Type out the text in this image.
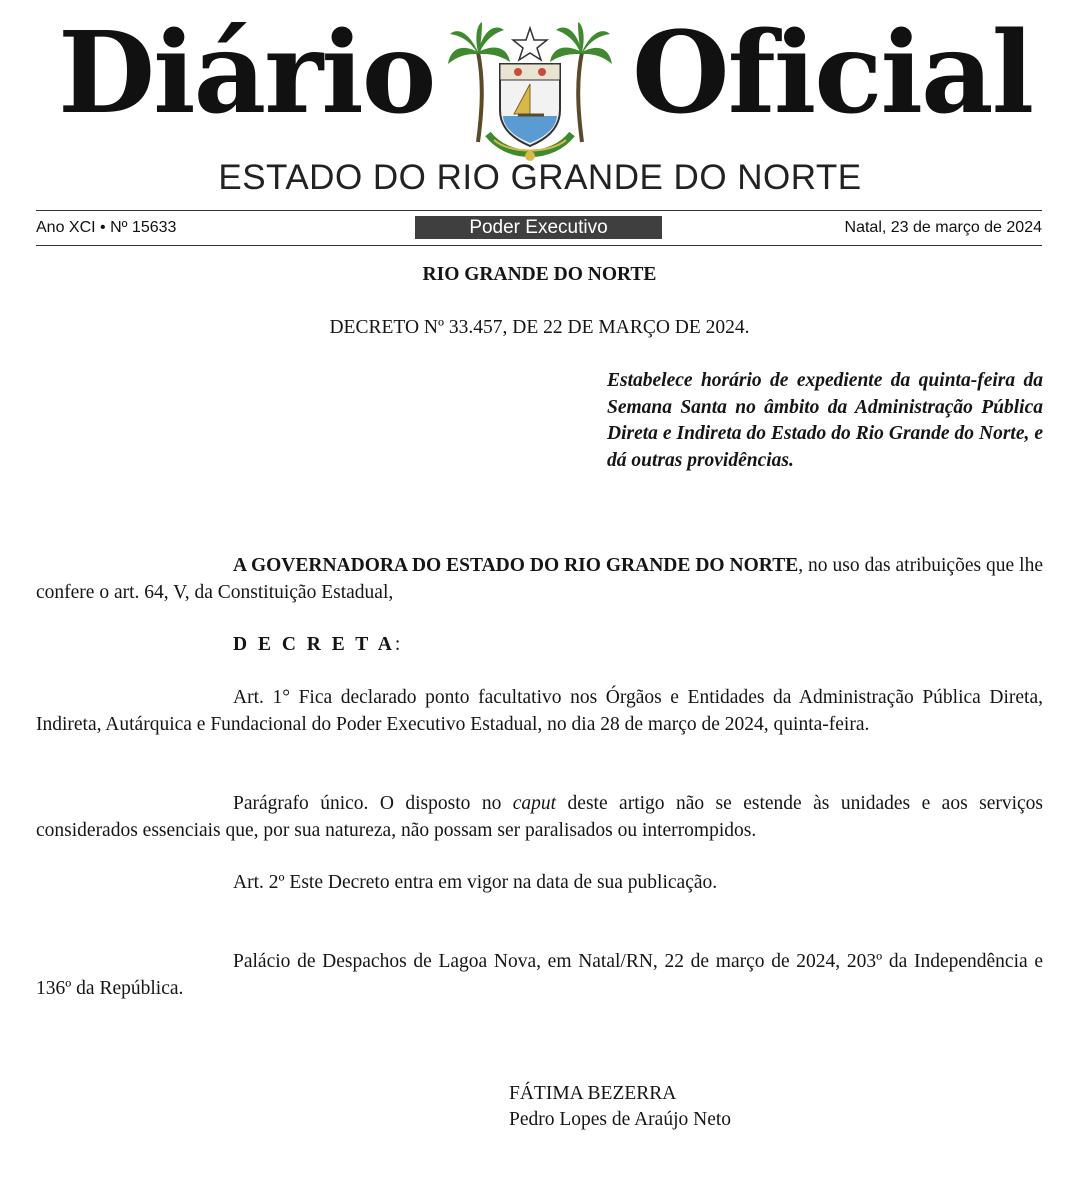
Diário Oficial
ESTADO DO RIO GRANDE DO NORTE
Ano XCI • Nº 15633	Poder Executivo	Natal, 23 de março de 2024
RIO GRANDE DO NORTE
DECRETO Nº 33.457, DE 22 DE MARÇO DE 2024.
Estabelece horário de expediente da quinta-feira da Semana Santa no âmbito da Administração Pública Direta e Indireta do Estado do Rio Grande do Norte, e dá outras providências.

A GOVERNADORA DO ESTADO DO RIO GRANDE DO NORTE, no uso das atribuições que lhe confere o art. 64, V, da Constituição Estadual,

D E C R E T A:

Art. 1° Fica declarado ponto facultativo nos Órgãos e Entidades da Administração Pública Direta, Indireta, Autárquica e Fundacional do Poder Executivo Estadual, no dia 28 de março de 2024, quinta-feira.

Parágrafo único. O disposto no caput deste artigo não se estende às unidades e aos serviços considerados essenciais que, por sua natureza, não possam ser paralisados ou interrompidos.

Art. 2º Este Decreto entra em vigor na data de sua publicação.

Palácio de Despachos de Lagoa Nova, em Natal/RN, 22 de março de 2024, 203º da Independência e 136º da República.

FÁTIMA BEZERRA
Pedro Lopes de Araújo Neto
